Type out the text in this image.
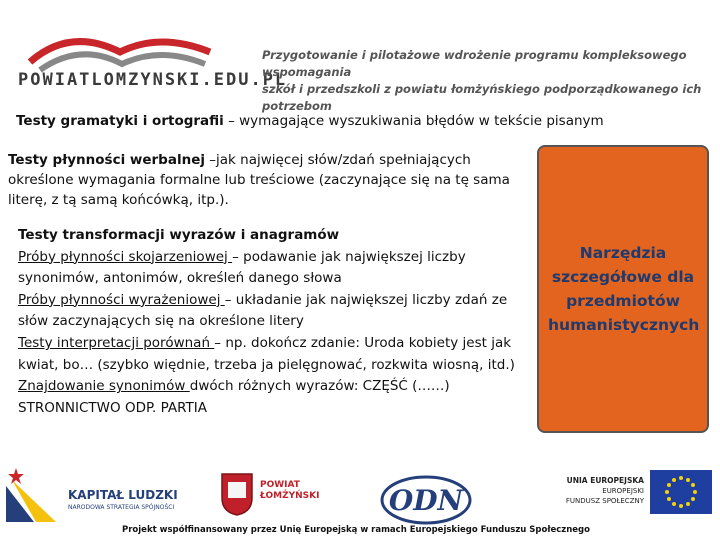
POWIATLOMZYNSKI.EDU.PL
Przygotowanie i pilotażowe wdrożenie programu kompleksowego wspomagania
szkół i przedszkoli z powiatu łomżyńskiego podporządkowanego ich potrzebom
Testy gramatyki i ortografii – wymagające wyszukiwania błędów w tekście pisanym
Testy płynności werbalnej –jak najwięcej słów/zdań spełniających określone wymagania formalne lub treściowe (zaczynające się na tę sama literę, z tą samą końcówką, itp.).
Testy transformacji wyrazów i anagramów
Próby płynności skojarzeniowej – podawanie jak największej liczby synonimów, antonimów, określeń danego słowa
Próby płynności wyrażeniowej – układanie jak największej liczby zdań ze słów zaczynających się na określone litery
Testy interpretacji porównań – np. dokończ zdanie: Uroda kobiety jest jak kwiat, bo… (szybko więdnie, trzeba ja pielęgnować, rozkwita wiosną, itd.)
Znajdowanie synonimów dwóch różnych wyrazów: CZĘŚĆ (……)
STRONNICTWO ODP. PARTIA
Narzędzia
szczegółowe dla
przedmiotów
humanistycznych
KAPITAŁ LUDZKI
NARODOWA STRATEGIA SPÓJNOŚCI
POWIAT
ŁOMŻYŃSKI ODN
UNIA EUROPEJSKA
EUROPEJSKI
FUNDUSZ SPOŁECZNY
Projekt współfinansowany przez Unię Europejską w ramach Europejskiego Funduszu Społecznego
